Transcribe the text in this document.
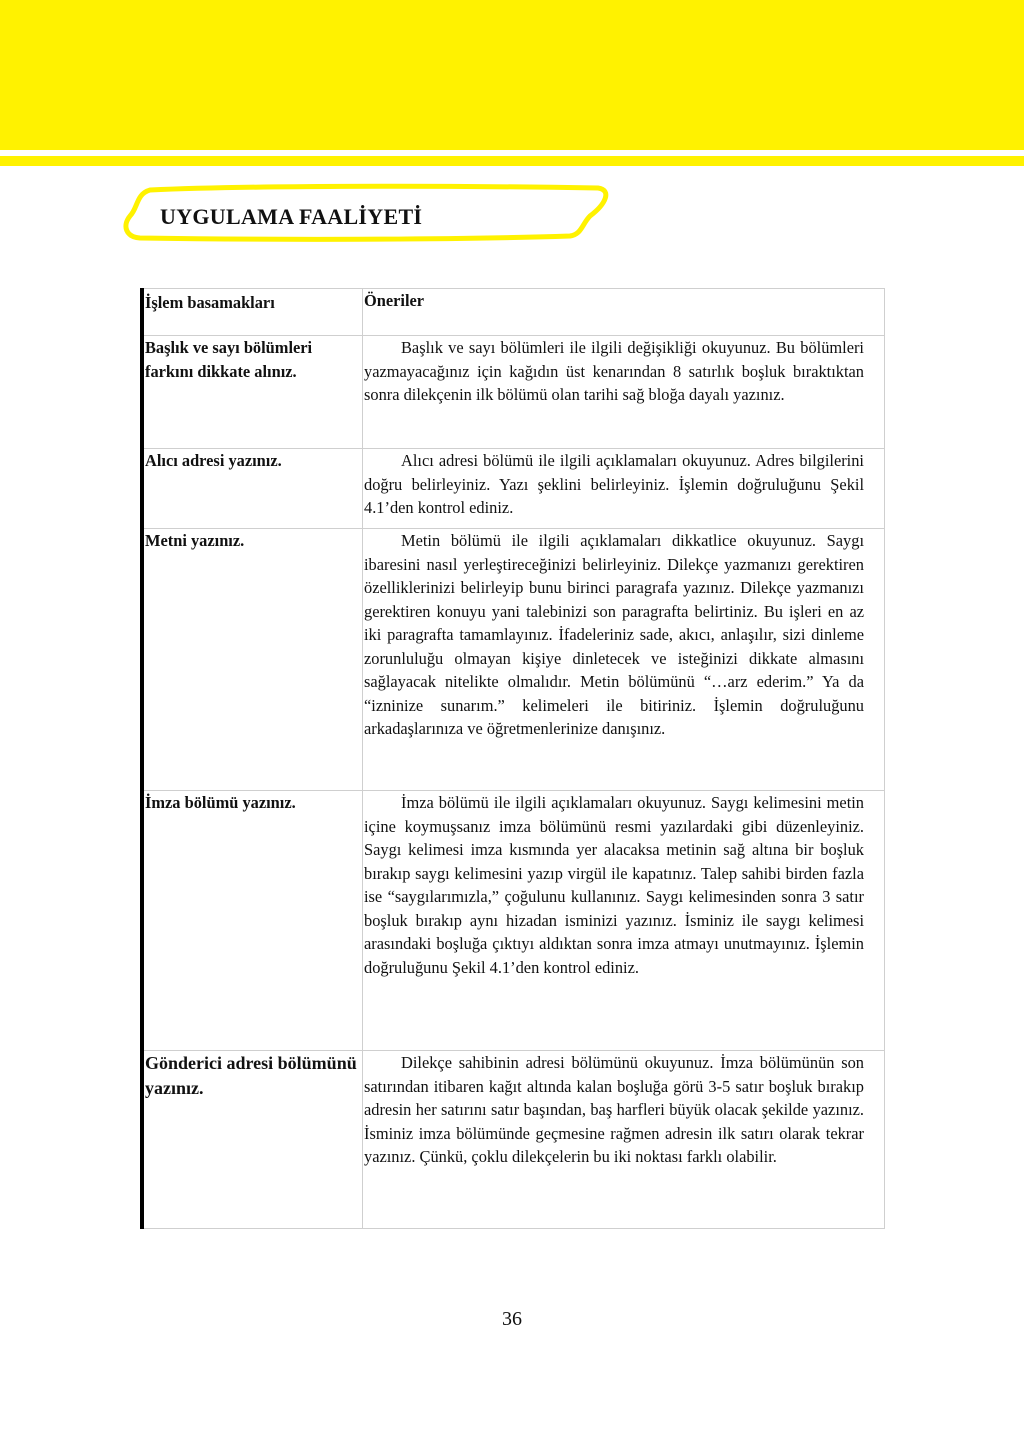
UYGULAMA FAALİYETİ
İşlem basamakları	Öneriler
Başlık ve sayı bölümleri farkını dikkate alınız.	Başlık ve sayı bölümleri ile ilgili değişikliği okuyunuz. Bu bölümleri yazmayacağınız için kağıdın üst kenarından 8 satırlık boşluk bıraktıktan sonra dilekçenin ilk bölümü olan tarihi sağ bloğa dayalı yazınız.

Alıcı adresi yazınız.	Alıcı adresi bölümü ile ilgili açıklamaları okuyunuz. Adres bilgilerini doğru belirleyiniz. Yazı şeklini belirleyiniz. İşlemin doğruluğunu Şekil 4.1’den kontrol ediniz.

Metni yazınız.	Metin bölümü ile ilgili açıklamaları dikkatlice okuyunuz. Saygı ibaresini nasıl yerleştireceğinizi belirleyiniz. Dilekçe yazmanızı gerektiren özelliklerinizi belirleyip bunu birinci paragrafa yazınız. Dilekçe yazmanızı gerektiren konuyu yani talebinizi son paragrafta belirtiniz. Bu işleri en az iki paragrafta tamamlayınız. İfadeleriniz sade, akıcı, anlaşılır, sizi dinleme zorunluluğu olmayan kişiye dinletecek ve isteğinizi dikkate almasını sağlayacak nitelikte olmalıdır. Metin bölümünü “…arz ederim.” Ya da “izninize sunarım.” kelimeleri ile bitiriniz. İşlemin doğruluğunu arkadaşlarınıza ve öğretmenlerinize danışınız.

İmza bölümü yazınız.	İmza bölümü ile ilgili açıklamaları okuyunuz. Saygı kelimesini metin içine koymuşsanız imza bölümünü resmi yazılardaki gibi düzenleyiniz. Saygı kelimesi imza kısmında yer alacaksa metinin sağ altına bir boşluk bırakıp saygı kelimesini yazıp virgül ile kapatınız. Talep sahibi birden fazla ise “saygılarımızla,” çoğulunu kullanınız. Saygı kelimesinden sonra 3 satır boşluk bırakıp aynı hizadan isminizi yazınız. İsminiz ile saygı kelimesi arasındaki boşluğa çıktıyı aldıktan sonra imza atmayı unutmayınız. İşlemin doğruluğunu Şekil 4.1’den kontrol ediniz.

Gönderici adresi bölümünü yazınız.	Dilekçe sahibinin adresi bölümünü okuyunuz. İmza bölümünün son satırından itibaren kağıt altında kalan boşluğa görü 3-5 satır boşluk bırakıp adresin her satırını satır başından, baş harfleri büyük olacak şekilde yazınız. İsminiz imza bölümünde geçmesine rağmen adresin ilk satırı olarak tekrar yazınız. Çünkü, çoklu dilekçelerin bu iki noktası farklı olabilir.

36
